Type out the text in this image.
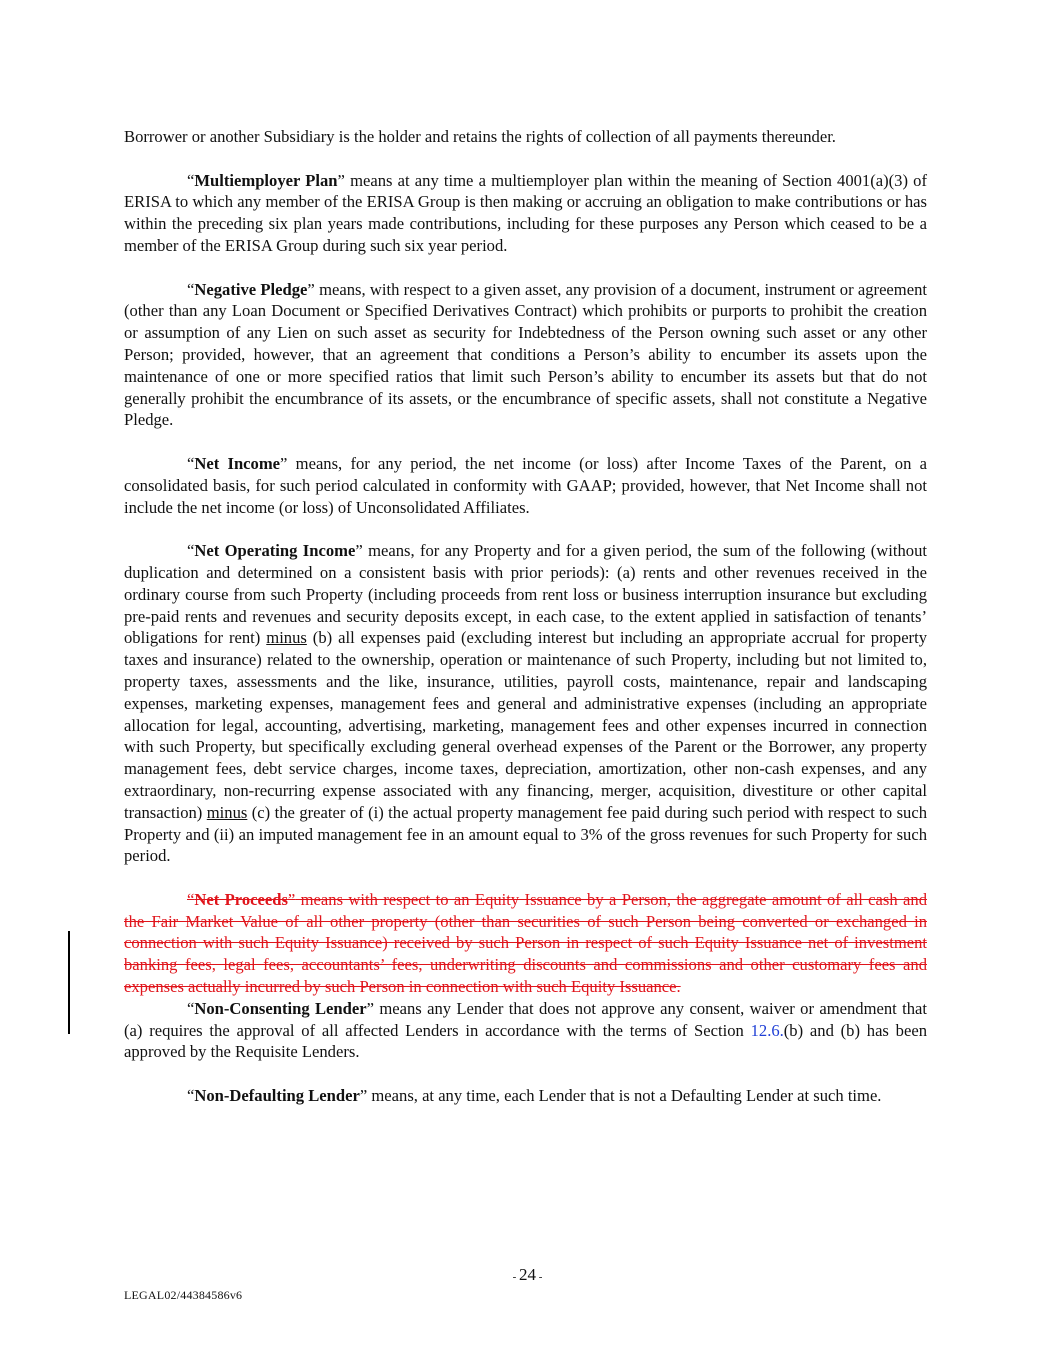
Borrower or another Subsidiary is the holder and retains the rights of collection of all payments thereunder.

“Multiemployer Plan” means at any time a multiemployer plan within the meaning of Section 4001(a)(3) of ERISA to which any member of the ERISA Group is then making or accruing an obligation to make contributions or has within the preceding six plan years made contributions, including for these purposes any Person which ceased to be a member of the ERISA Group during such six year period.

“Negative Pledge” means, with respect to a given asset, any provision of a document, instrument or agreement (other than any Loan Document or Specified Derivatives Contract) which prohibits or purports to prohibit the creation or assumption of any Lien on such asset as security for Indebtedness of the Person owning such asset or any other Person; provided, however, that an agreement that conditions a Person’s ability to encumber its assets upon the maintenance of one or more specified ratios that limit such Person’s ability to encumber its assets but that do not generally prohibit the encumbrance of its assets, or the encumbrance of specific assets, shall not constitute a Negative Pledge.

“Net Income” means, for any period, the net income (or loss) after Income Taxes of the Parent, on a consolidated basis, for such period calculated in conformity with GAAP; provided, however, that Net Income shall not include the net income (or loss) of Unconsolidated Affiliates.

“Net Operating Income” means, for any Property and for a given period, the sum of the following (without duplication and determined on a consistent basis with prior periods): (a) rents and other revenues received in the ordinary course from such Property (including proceeds from rent loss or business interruption insurance but excluding pre-paid rents and revenues and security deposits except, in each case, to the extent applied in satisfaction of tenants’ obligations for rent) minus (b) all expenses paid (excluding interest but including an appropriate accrual for property taxes and insurance) related to the ownership, operation or maintenance of such Property, including but not limited to, property taxes, assessments and the like, insurance, utilities, payroll costs, maintenance, repair and landscaping expenses, marketing expenses, management fees and general and administrative expenses (including an appropriate allocation for legal, accounting, advertising, marketing, management fees and other expenses incurred in connection with such Property, but specifically excluding general overhead expenses of the Parent or the Borrower, any property management fees, debt service charges, income taxes, depreciation, amortization, other non-cash expenses, and any extraordinary, non-recurring expense associated with any financing, merger, acquisition, divestiture or other capital transaction) minus (c) the greater of (i) the actual property management fee paid during such period with respect to such Property and (ii) an imputed management fee in an amount equal to 3% of the gross revenues for such Property for such period.

“Net Proceeds” means with respect to an Equity Issuance by a Person, the aggregate amount of all cash and the Fair Market Value of all other property (other than securities of such Person being converted or exchanged in connection with such Equity Issuance) received by such Person in respect of such Equity Issuance net of investment banking fees, legal fees, accountants’ fees, underwriting discounts and commissions and other customary fees and expenses actually incurred by such Person in connection with such Equity Issuance.

“Non-Consenting Lender” means any Lender that does not approve any consent, waiver or amendment that (a) requires the approval of all affected Lenders in accordance with the terms of Section 12.6.(b) and (b) has been approved by the Requisite Lenders.

“Non-Defaulting Lender” means, at any time, each Lender that is not a Defaulting Lender at such time.

- 24 -
LEGAL02/44384586v6
